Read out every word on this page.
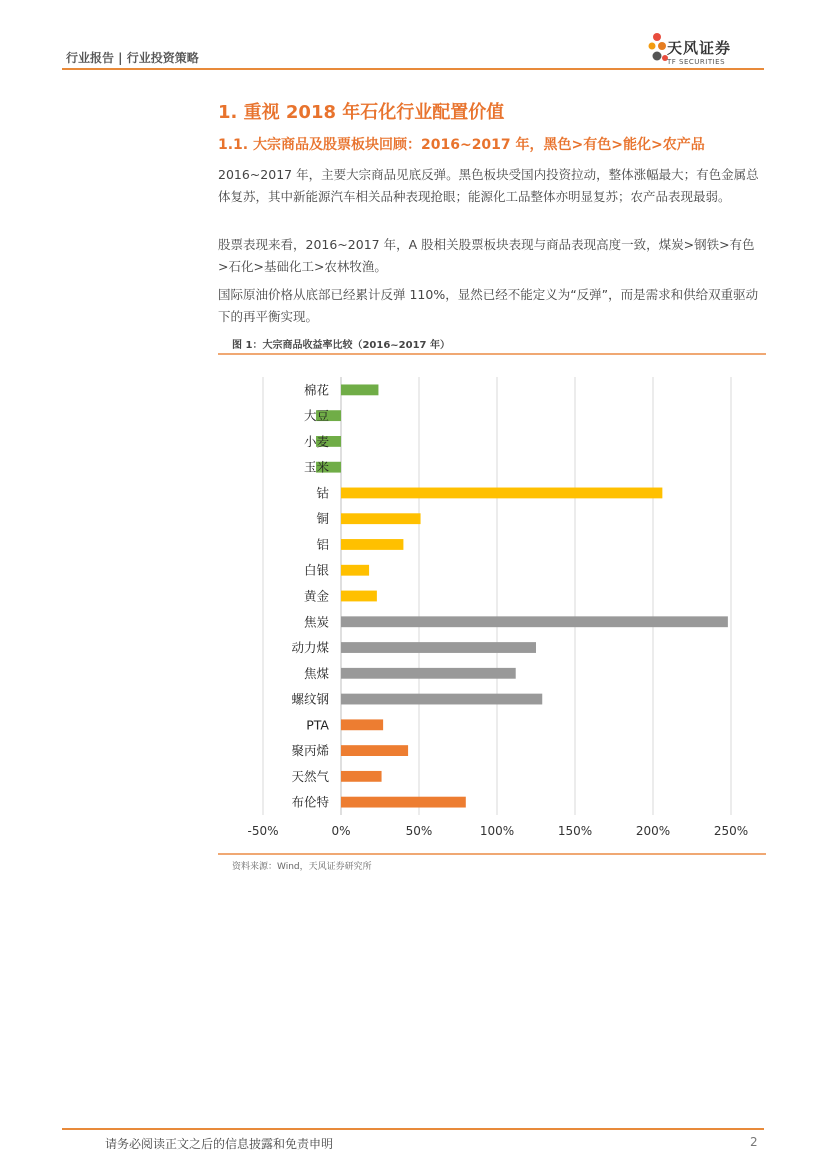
行业报告 | 行业投资策略
天风证券
TF SECURITIES
1. 重视 2018 年石化行业配置价值
1.1. 大宗商品及股票板块回顾：2016~2017 年，黑色>有色>能化>农产品
2016~2017 年，主要大宗商品见底反弹。黑色板块受国内投资拉动，整体涨幅最大；有色金属总体复苏，其中新能源汽车相关品种表现抢眼；能源化工品整体亦明显复苏；农产品表现最弱。
股票表现来看，2016~2017 年，A 股相关股票板块表现与商品表现高度一致，煤炭>钢铁>有色>石化>基础化工>农林牧渔。
国际原油价格从底部已经累计反弹 110%，显然已经不能定义为“反弹”，而是需求和供给双重驱动下的再平衡实现。
图 1：大宗商品收益率比较（2016~2017 年）
-50%	0%	50%	100%	150%	200%	250%
棉花
大豆
小麦
玉米
钴
铜
铝
白银
黄金
焦炭
动力煤
焦煤
螺纹钢
PTA
聚丙烯
天然气
布伦特
资料来源：Wind，天风证券研究所
请务必阅读正文之后的信息披露和免责申明	2
